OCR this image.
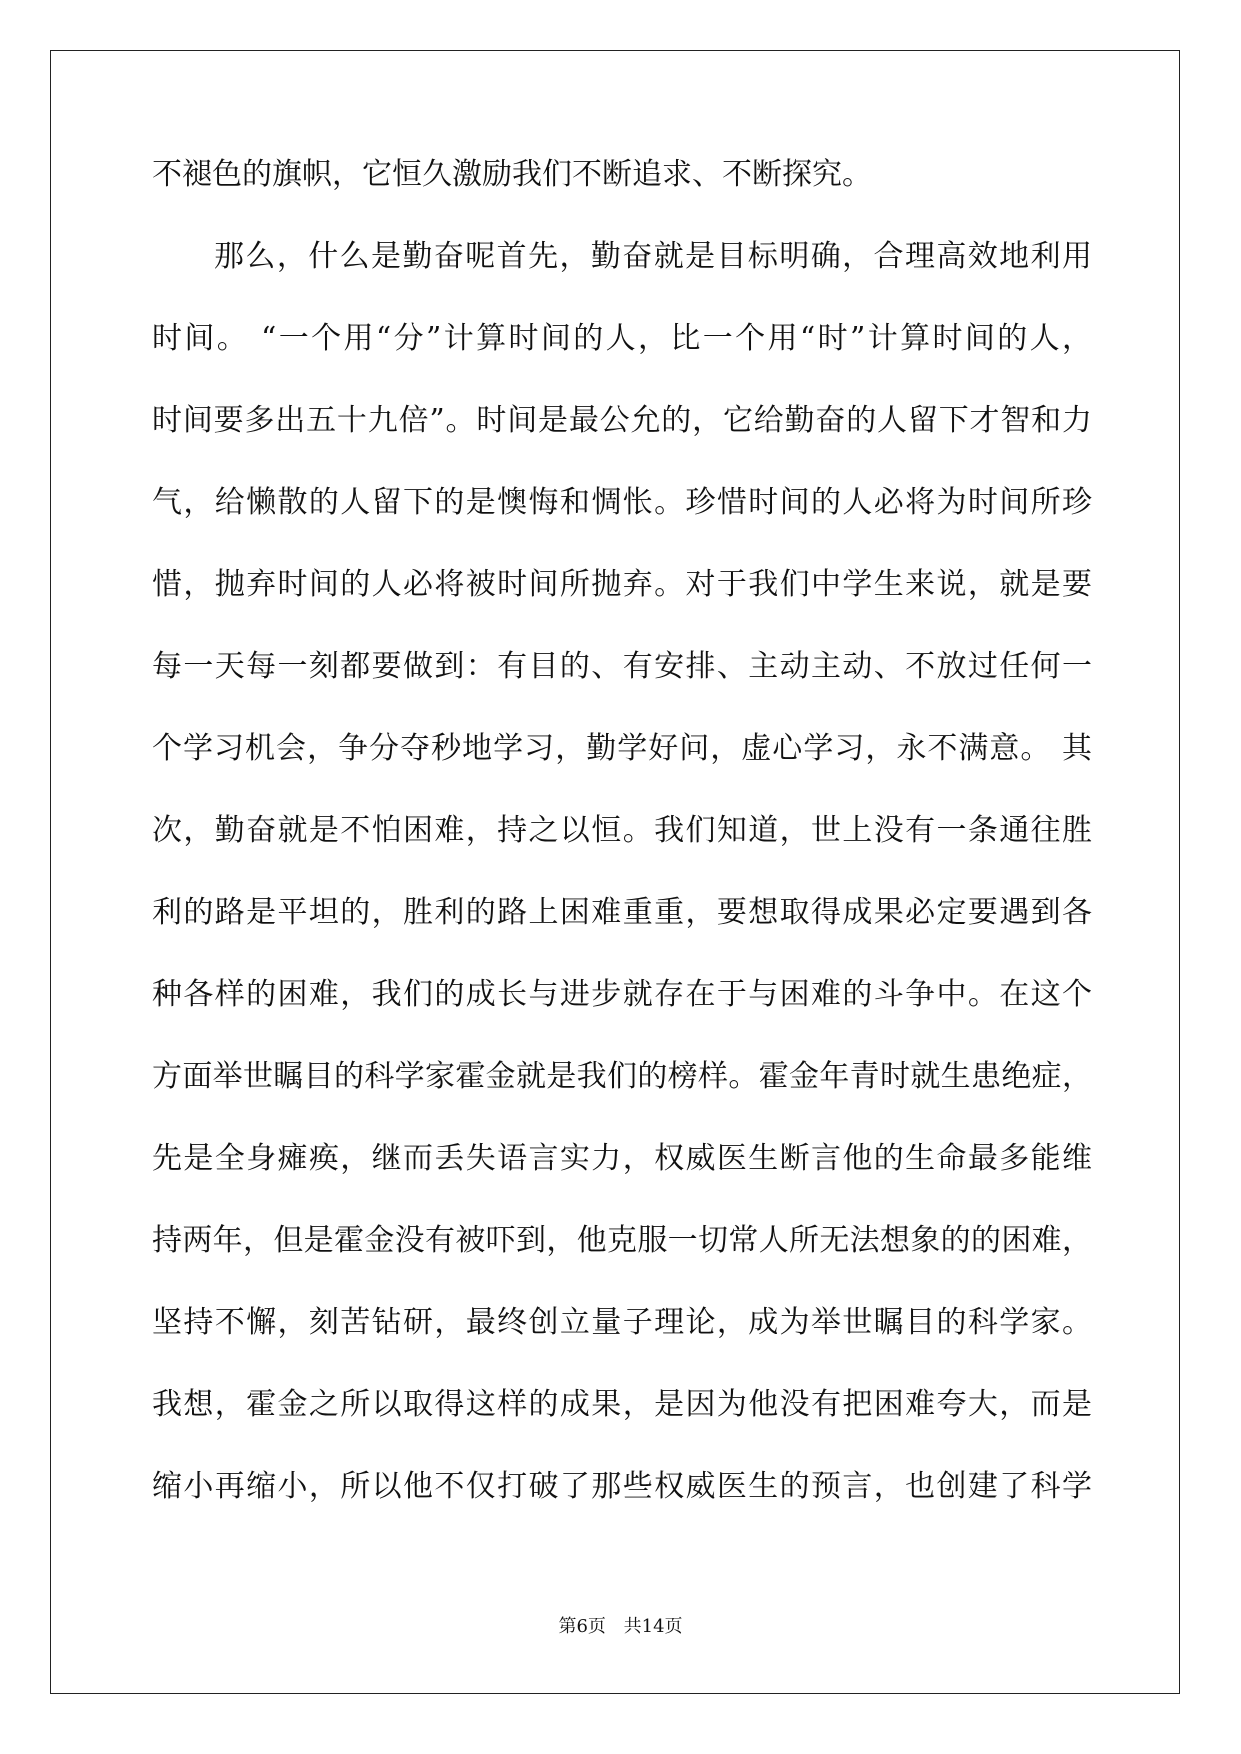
不褪色的旗帜，它恒久激励我们不断追求、不断探究。
那么，什么是勤奋呢首先，勤奋就是目标明确，合理高效地利用
时间。 “一个用“分”计算时间的人，比一个用“时”计算时间的人，
时间要多出五十九倍”。时间是最公允的，它给勤奋的人留下才智和力
气，给懒散的人留下的是懊悔和惆怅。珍惜时间的人必将为时间所珍
惜，抛弃时间的人必将被时间所抛弃。对于我们中学生来说，就是要
每一天每一刻都要做到：有目的、有安排、主动主动、不放过任何一
个学习机会，争分夺秒地学习，勤学好问，虚心学习，永不满意。 其
次，勤奋就是不怕困难，持之以恒。我们知道，世上没有一条通往胜
利的路是平坦的，胜利的路上困难重重，要想取得成果必定要遇到各
种各样的困难，我们的成长与进步就存在于与困难的斗争中。在这个
方面举世瞩目的科学家霍金就是我们的榜样。霍金年青时就生患绝症，
先是全身瘫痪，继而丢失语言实力，权威医生断言他的生命最多能维
持两年，但是霍金没有被吓到，他克服一切常人所无法想象的的困难，
坚持不懈，刻苦钻研，最终创立量子理论，成为举世瞩目的科学家。
我想，霍金之所以取得这样的成果，是因为他没有把困难夸大，而是
缩小再缩小，所以他不仅打破了那些权威医生的预言，也创建了科学
第6页 共14页
